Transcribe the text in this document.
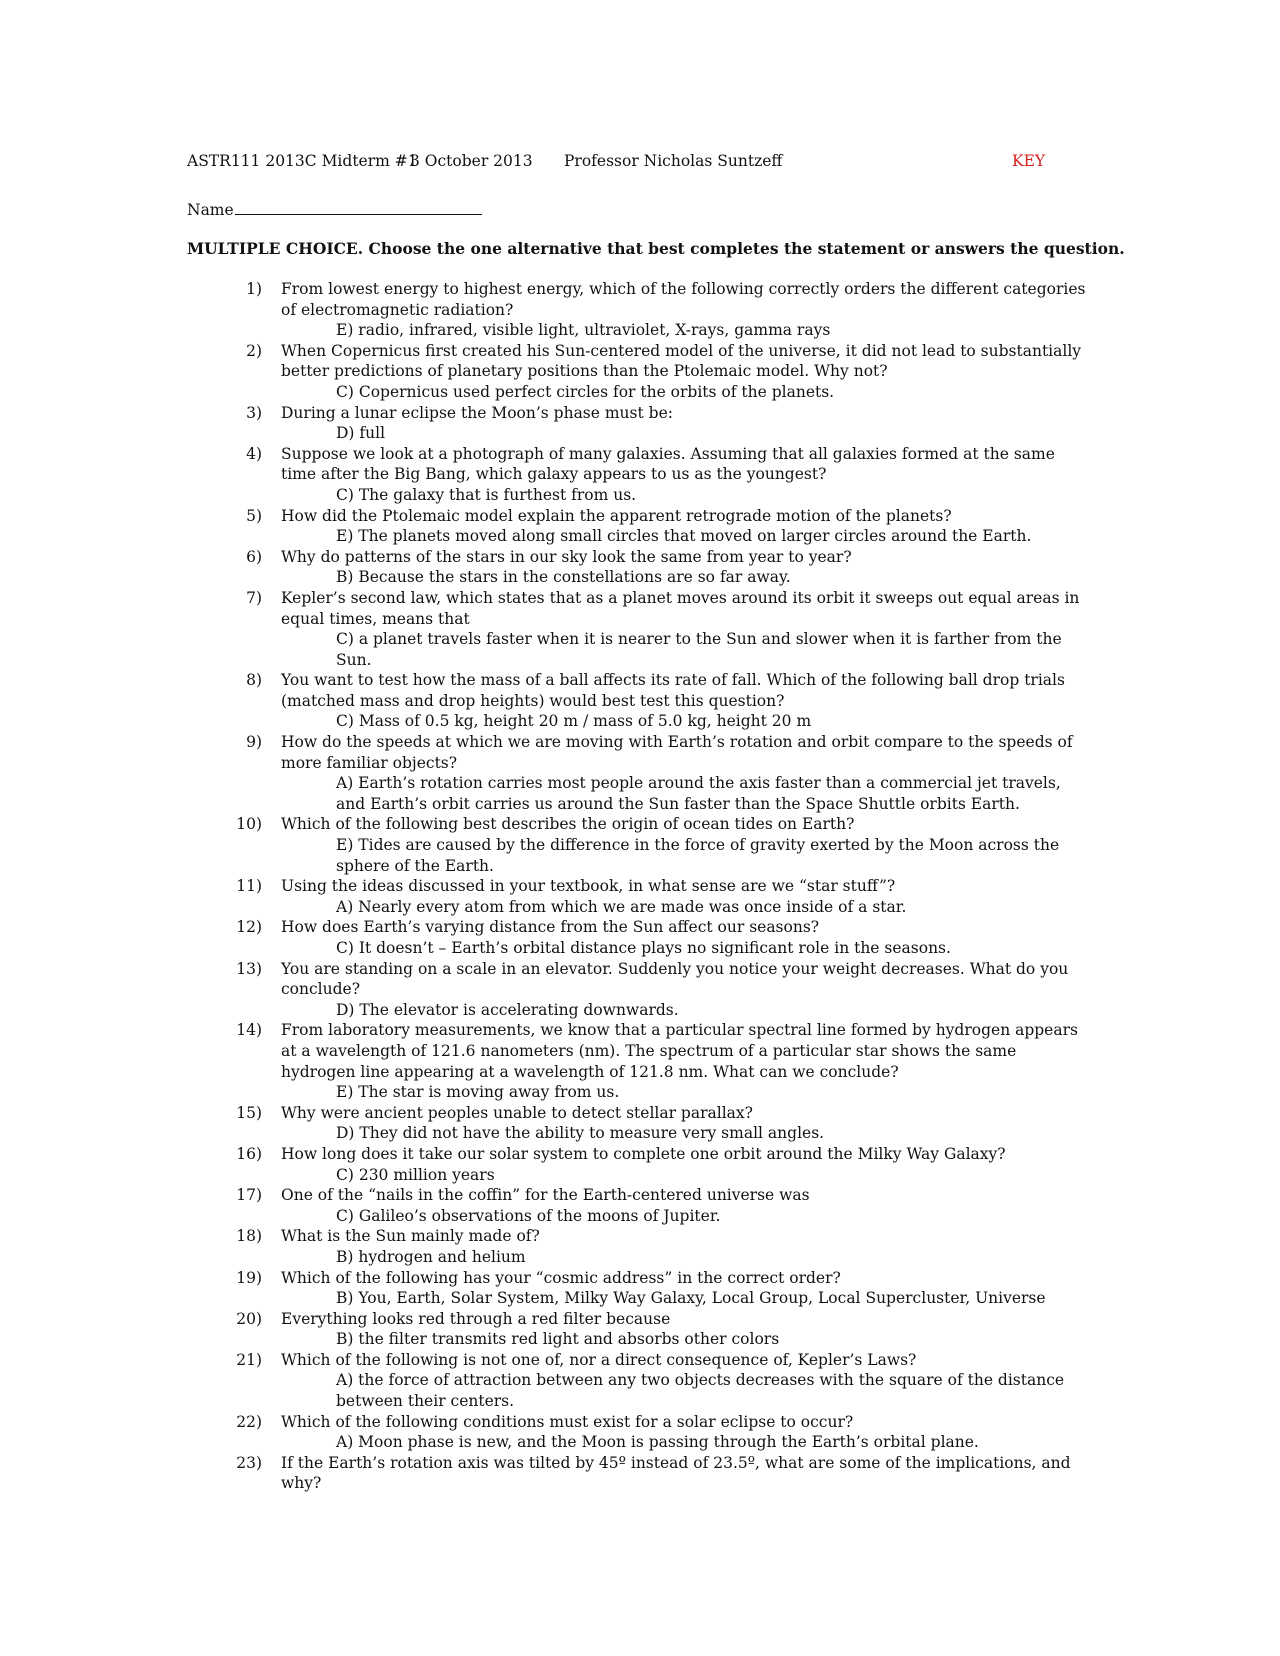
ASTR111 2013C Midterm #1
3 October 2013 Professor Nicholas Suntzeff	KEY
Name
MULTIPLE CHOICE. Choose the one alternative that best completes the statement or answers the question.
1)	From lowest energy to highest energy, which of the following correctly orders the different categories of electromagnetic radiation?
E) radio, infrared, visible light, ultraviolet, X-rays, gamma rays
2)	When Copernicus first created his Sun-centered model of the universe, it did not lead to substantially better predictions of planetary positions than the Ptolemaic model. Why not?
C) Copernicus used perfect circles for the orbits of the planets.
3)	During a lunar eclipse the Moon’s phase must be:
D) full
4)	Suppose we look at a photograph of many galaxies. Assuming that all galaxies formed at the same time after the Big Bang, which galaxy appears to us as the youngest?
C) The galaxy that is furthest from us.
5)	How did the Ptolemaic model explain the apparent retrograde motion of the planets?
E) The planets moved along small circles that moved on larger circles around the Earth.
6)	Why do patterns of the stars in our sky look the same from year to year?
B) Because the stars in the constellations are so far away.
7)	Kepler’s second law, which states that as a planet moves around its orbit it sweeps out equal areas in equal times, means that
C) a planet travels faster when it is nearer to the Sun and slower when it is farther from the Sun.
8)	You want to test how the mass of a ball affects its rate of fall. Which of the following ball drop trials (matched mass and drop heights) would best test this question?
C) Mass of 0.5 kg, height 20 m / mass of 5.0 kg, height 20 m
9)	How do the speeds at which we are moving with Earth’s rotation and orbit compare to the speeds of more familiar objects?
A) Earth’s rotation carries most people around the axis faster than a commercial jet travels, and Earth’s orbit carries us around the Sun faster than the Space Shuttle orbits Earth.
10)	Which of the following best describes the origin of ocean tides on Earth?
E) Tides are caused by the difference in the force of gravity exerted by the Moon across the sphere of the Earth.
11)	Using the ideas discussed in your textbook, in what sense are we “star stuff”?
A) Nearly every atom from which we are made was once inside of a star.
12)	How does Earth’s varying distance from the Sun affect our seasons?
C) It doesn’t – Earth’s orbital distance plays no significant role in the seasons.
13)	You are standing on a scale in an elevator. Suddenly you notice your weight decreases. What do you conclude?
D) The elevator is accelerating downwards.
14)	From laboratory measurements, we know that a particular spectral line formed by hydrogen appears at a wavelength of 121.6 nanometers (nm). The spectrum of a particular star shows the same hydrogen line appearing at a wavelength of 121.8 nm. What can we conclude?
E) The star is moving away from us.
15)	Why were ancient peoples unable to detect stellar parallax?
D) They did not have the ability to measure very small angles.
16)	How long does it take our solar system to complete one orbit around the Milky Way Galaxy?
C) 230 million years
17)	One of the “nails in the coffin” for the Earth-centered universe was
C) Galileo’s observations of the moons of Jupiter.
18)	What is the Sun mainly made of?
B) hydrogen and helium
19)	Which of the following has your “cosmic address” in the correct order?
B) You, Earth, Solar System, Milky Way Galaxy, Local Group, Local Supercluster, Universe
20)	Everything looks red through a red filter because
B) the filter transmits red light and absorbs other colors
21)	Which of the following is not one of, nor a direct consequence of, Kepler’s Laws?
A) the force of attraction between any two objects decreases with the square of the distance between their centers.
22)	Which of the following conditions must exist for a solar eclipse to occur?
A) Moon phase is new, and the Moon is passing through the Earth’s orbital plane.
23)	If the Earth’s rotation axis was tilted by 45º instead of 23.5º, what are some of the implications, and why?
